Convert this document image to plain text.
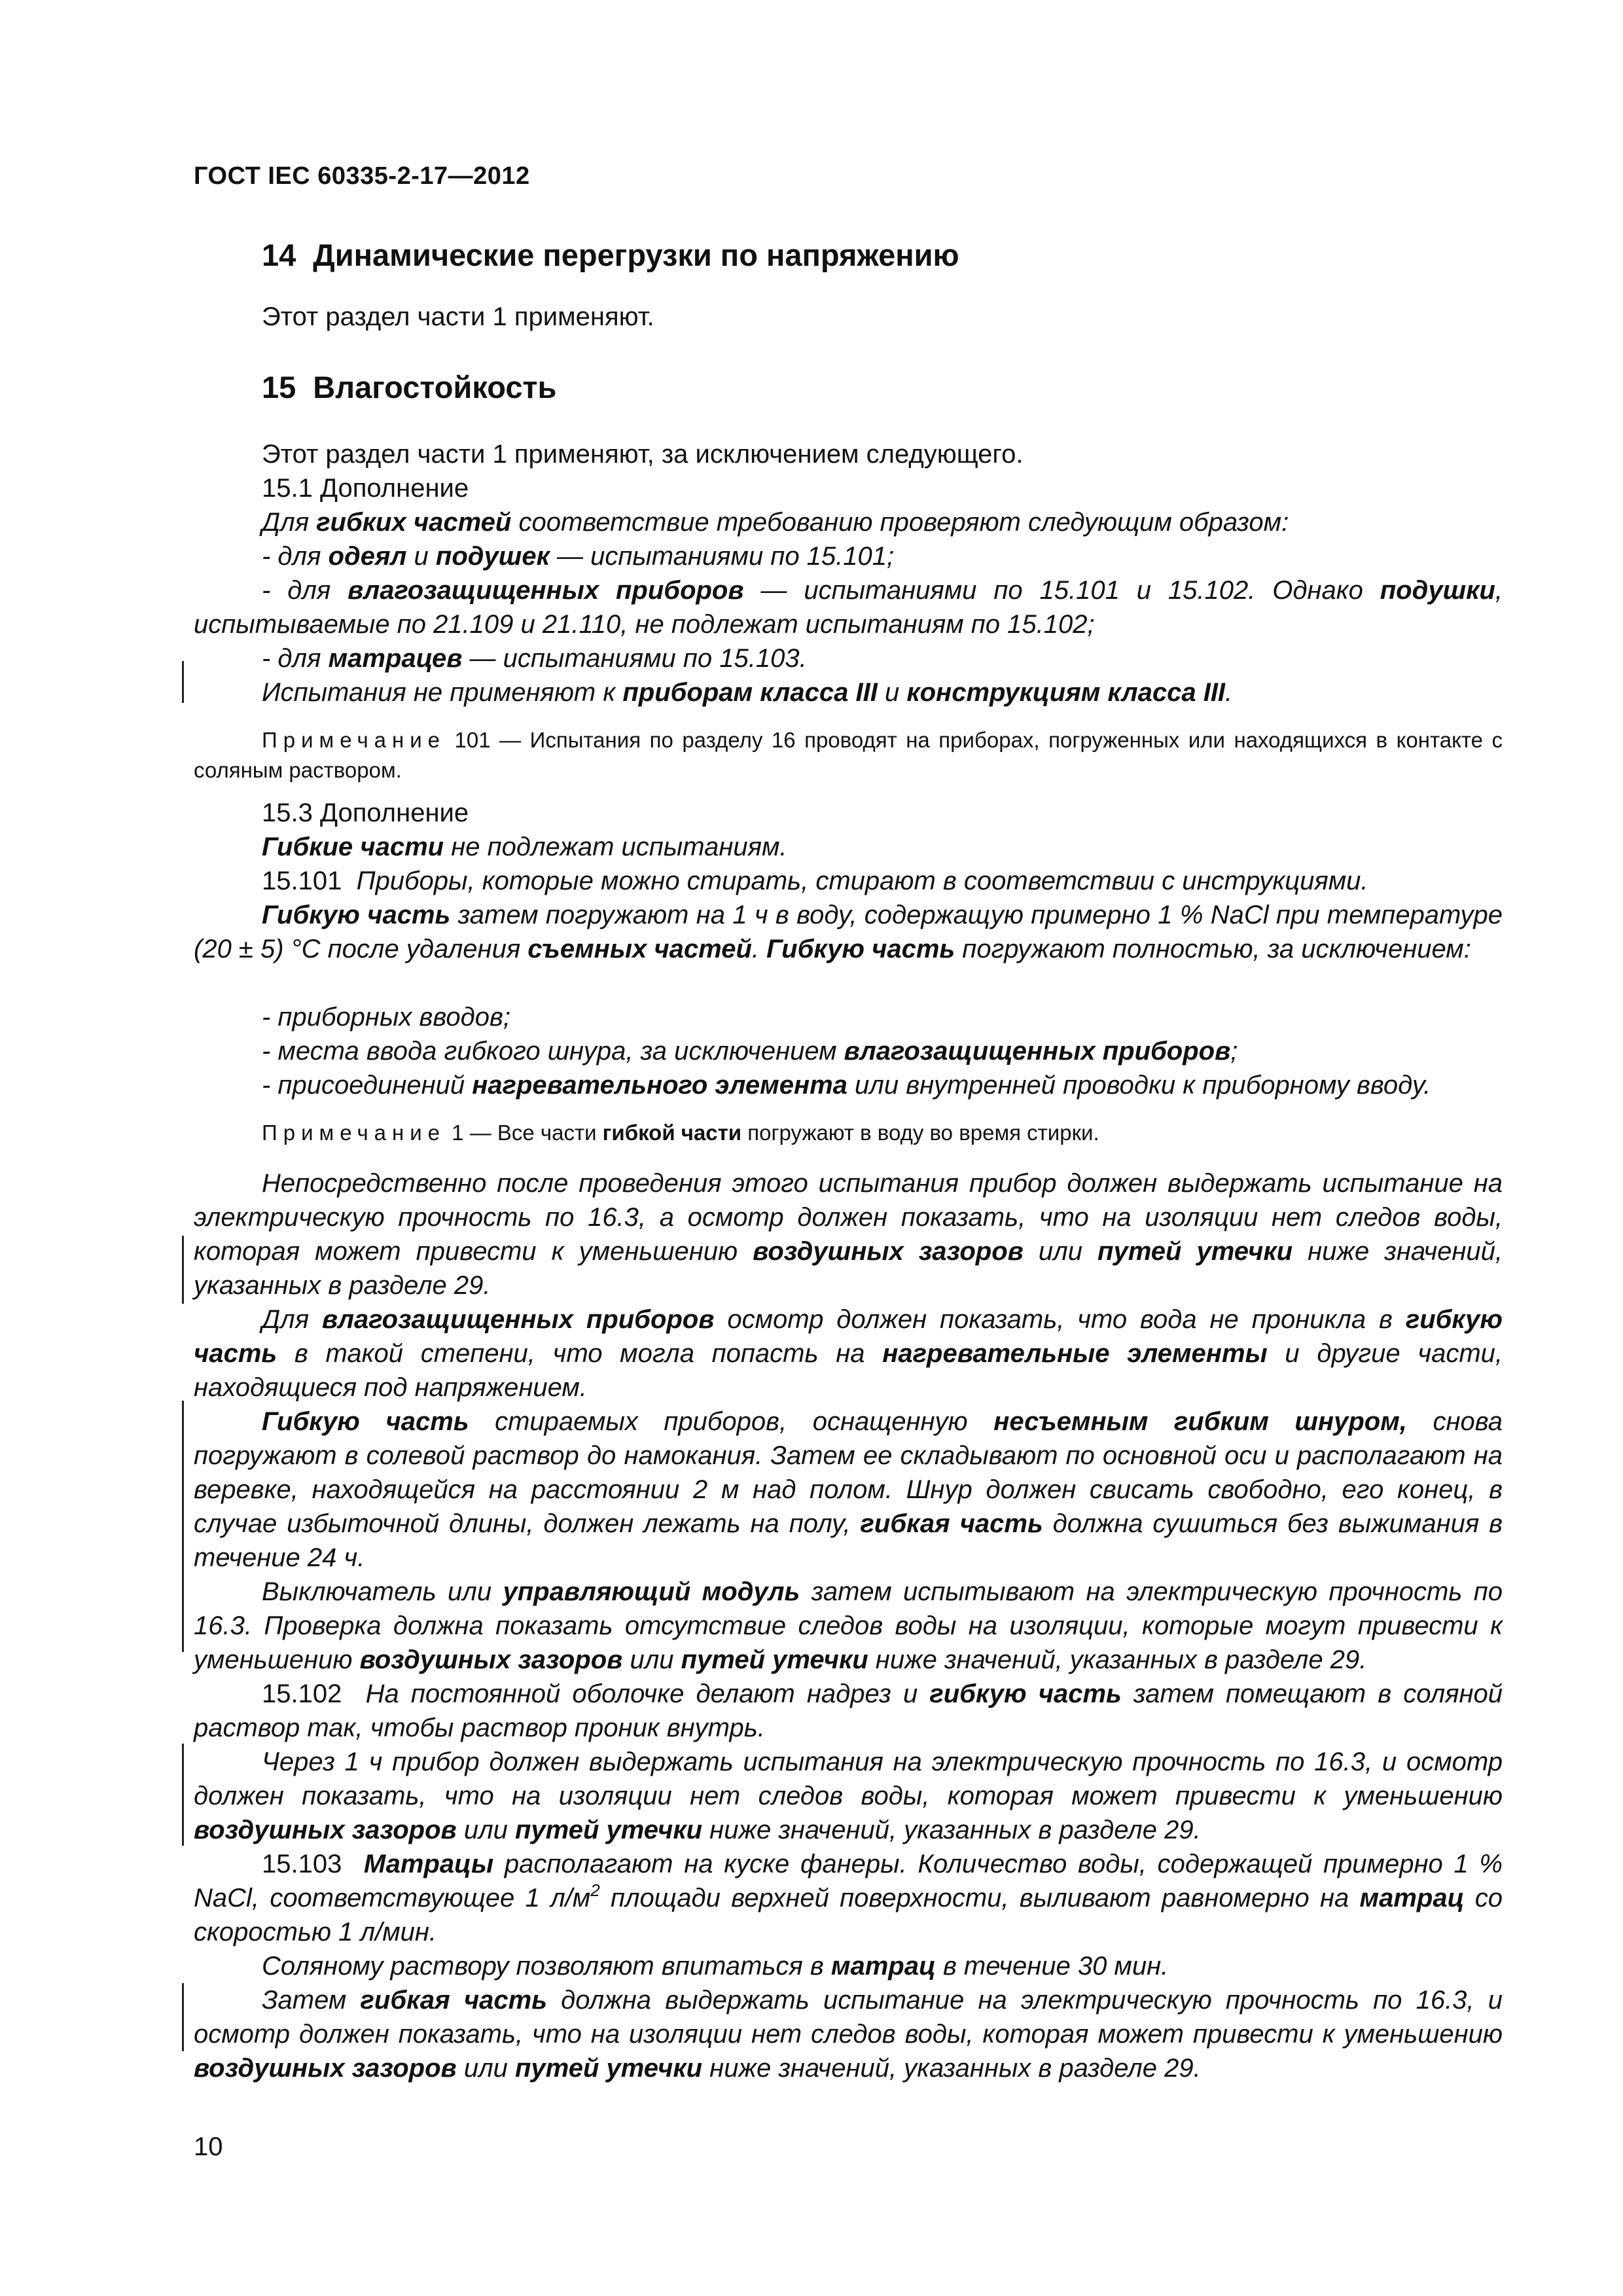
ГОСТ IEC 60335-2-17—2012
14 Динамические перегрузки по напряжению
Этот раздел части 1 применяют.
15 Влагостойкость
Этот раздел части 1 применяют, за исключением следующего.
15.1 Дополнение
Для гибких частей соответствие требованию проверяют следующим образом:
- для одеял и подушек — испытаниями по 15.101;
- для влагозащищенных приборов — испытаниями по 15.101 и 15.102. Однако подушки, испытываемые по 21.109 и 21.110, не подлежат испытаниям по 15.102;
- для матрацев — испытаниями по 15.103.
Испытания не применяют к приборам класса III и конструкциям класса III.
Примечание 101 — Испытания по разделу 16 проводят на приборах, погруженных или находящихся в контакте с соляным раствором.
15.3 Дополнение
Гибкие части не подлежат испытаниям.
15.101 Приборы, которые можно стирать, стирают в соответствии с инструкциями.
Гибкую часть затем погружают на 1 ч в воду, содержащую примерно 1 % NaCl при температуре (20 ± 5) °С после удаления съемных частей. Гибкую часть погружают полностью, за исключением:
- приборных вводов;
- места ввода гибкого шнура, за исключением влагозащищенных приборов;
- присоединений нагревательного элемента или внутренней проводки к приборному вводу.
Примечание 1 — Все части гибкой части погружают в воду во время стирки.
Непосредственно после проведения этого испытания прибор должен выдержать испытание на электрическую прочность по 16.3, а осмотр должен показать, что на изоляции нет следов воды, которая может привести к уменьшению воздушных зазоров или путей утечки ниже значений, указанных в разделе 29.
Для влагозащищенных приборов осмотр должен показать, что вода не проникла в гибкую часть в такой степени, что могла попасть на нагревательные элементы и другие части, находящиеся под напряжением.
Гибкую часть стираемых приборов, оснащенную несъемным гибким шнуром, снова погружают в солевой раствор до намокания. Затем ее складывают по основной оси и располагают на веревке, находящейся на расстоянии 2 м над полом. Шнур должен свисать свободно, его конец, в случае избыточной длины, должен лежать на полу, гибкая часть должна сушиться без выжимания в течение 24 ч.
Выключатель или управляющий модуль затем испытывают на электрическую прочность по 16.3. Проверка должна показать отсутствие следов воды на изоляции, которые могут привести к уменьшению воздушных зазоров или путей утечки ниже значений, указанных в разделе 29.
15.102 На постоянной оболочке делают надрез и гибкую часть затем помещают в соляной раствор так, чтобы раствор проник внутрь.
Через 1 ч прибор должен выдержать испытания на электрическую прочность по 16.3, и осмотр должен показать, что на изоляции нет следов воды, которая может привести к уменьшению воздушных зазоров или путей утечки ниже значений, указанных в разделе 29.
15.103 Матрацы располагают на куске фанеры. Количество воды, содержащей примерно 1 % NaCl, соответствующее 1 $л/м^2$ площади верхней поверхности, выливают равномерно на матрац со скоростью 1 л/мин.
Соляному раствору позволяют впитаться в матрац в течение 30 мин.
Затем гибкая часть должна выдержать испытание на электрическую прочность по 16.3, и осмотр должен показать, что на изоляции нет следов воды, которая может привести к уменьшению воздушных зазоров или путей утечки ниже значений, указанных в разделе 29.
10
